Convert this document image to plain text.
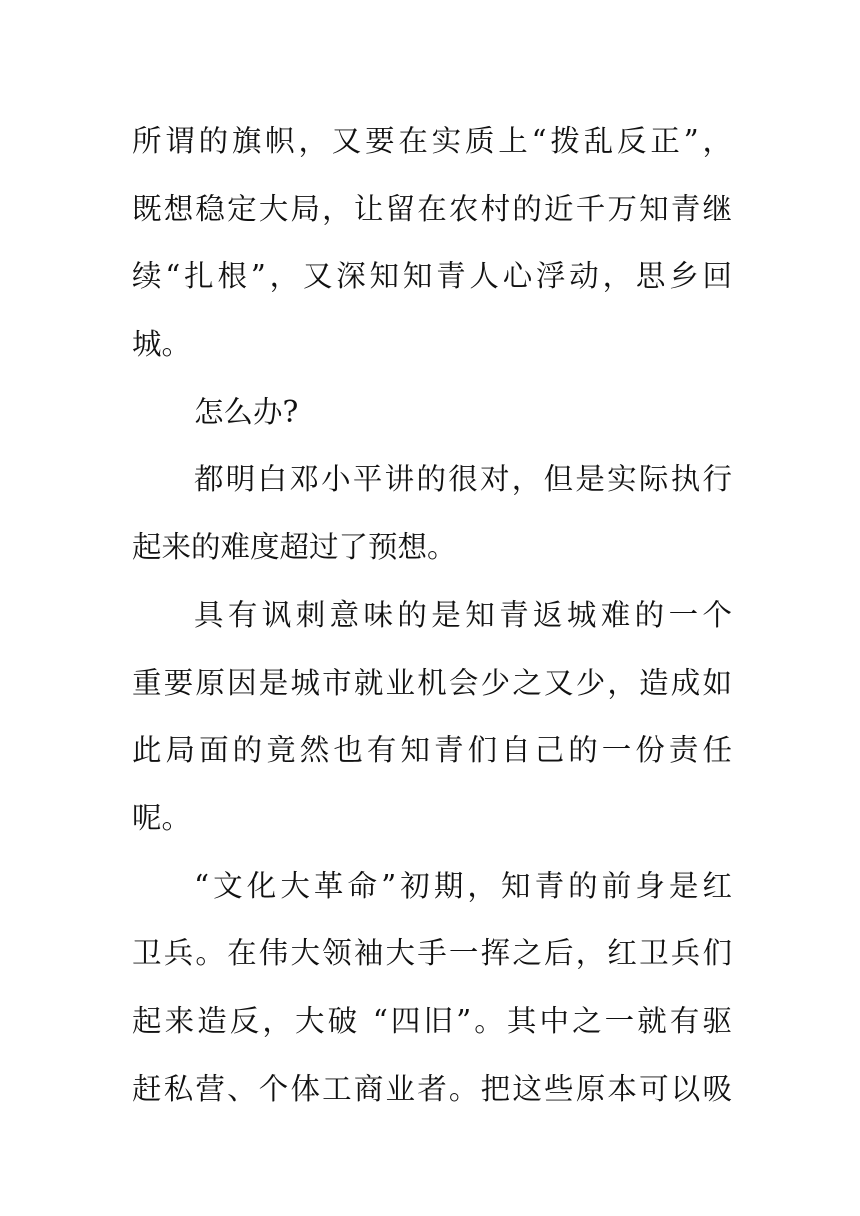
所谓的旗帜，又要在实质上“拨乱反正”，
既想稳定大局，让留在农村的近千万知青继
续“扎根”，又深知知青人心浮动，思乡回
城。
怎么办?
都明白邓小平讲的很对，但是实际执行
起来的难度超过了预想。
具有讽刺意味的是知青返城难的一个
重要原因是城市就业机会少之又少，造成如
此局面的竟然也有知青们自己的一份责任
呢。
“文化大革命”初期，知青的前身是红
卫兵。在伟大领袖大手一挥之后，红卫兵们
起来造反，大破 “四旧”。其中之一就有驱
赶私营、个体工商业者。把这些原本可以吸
